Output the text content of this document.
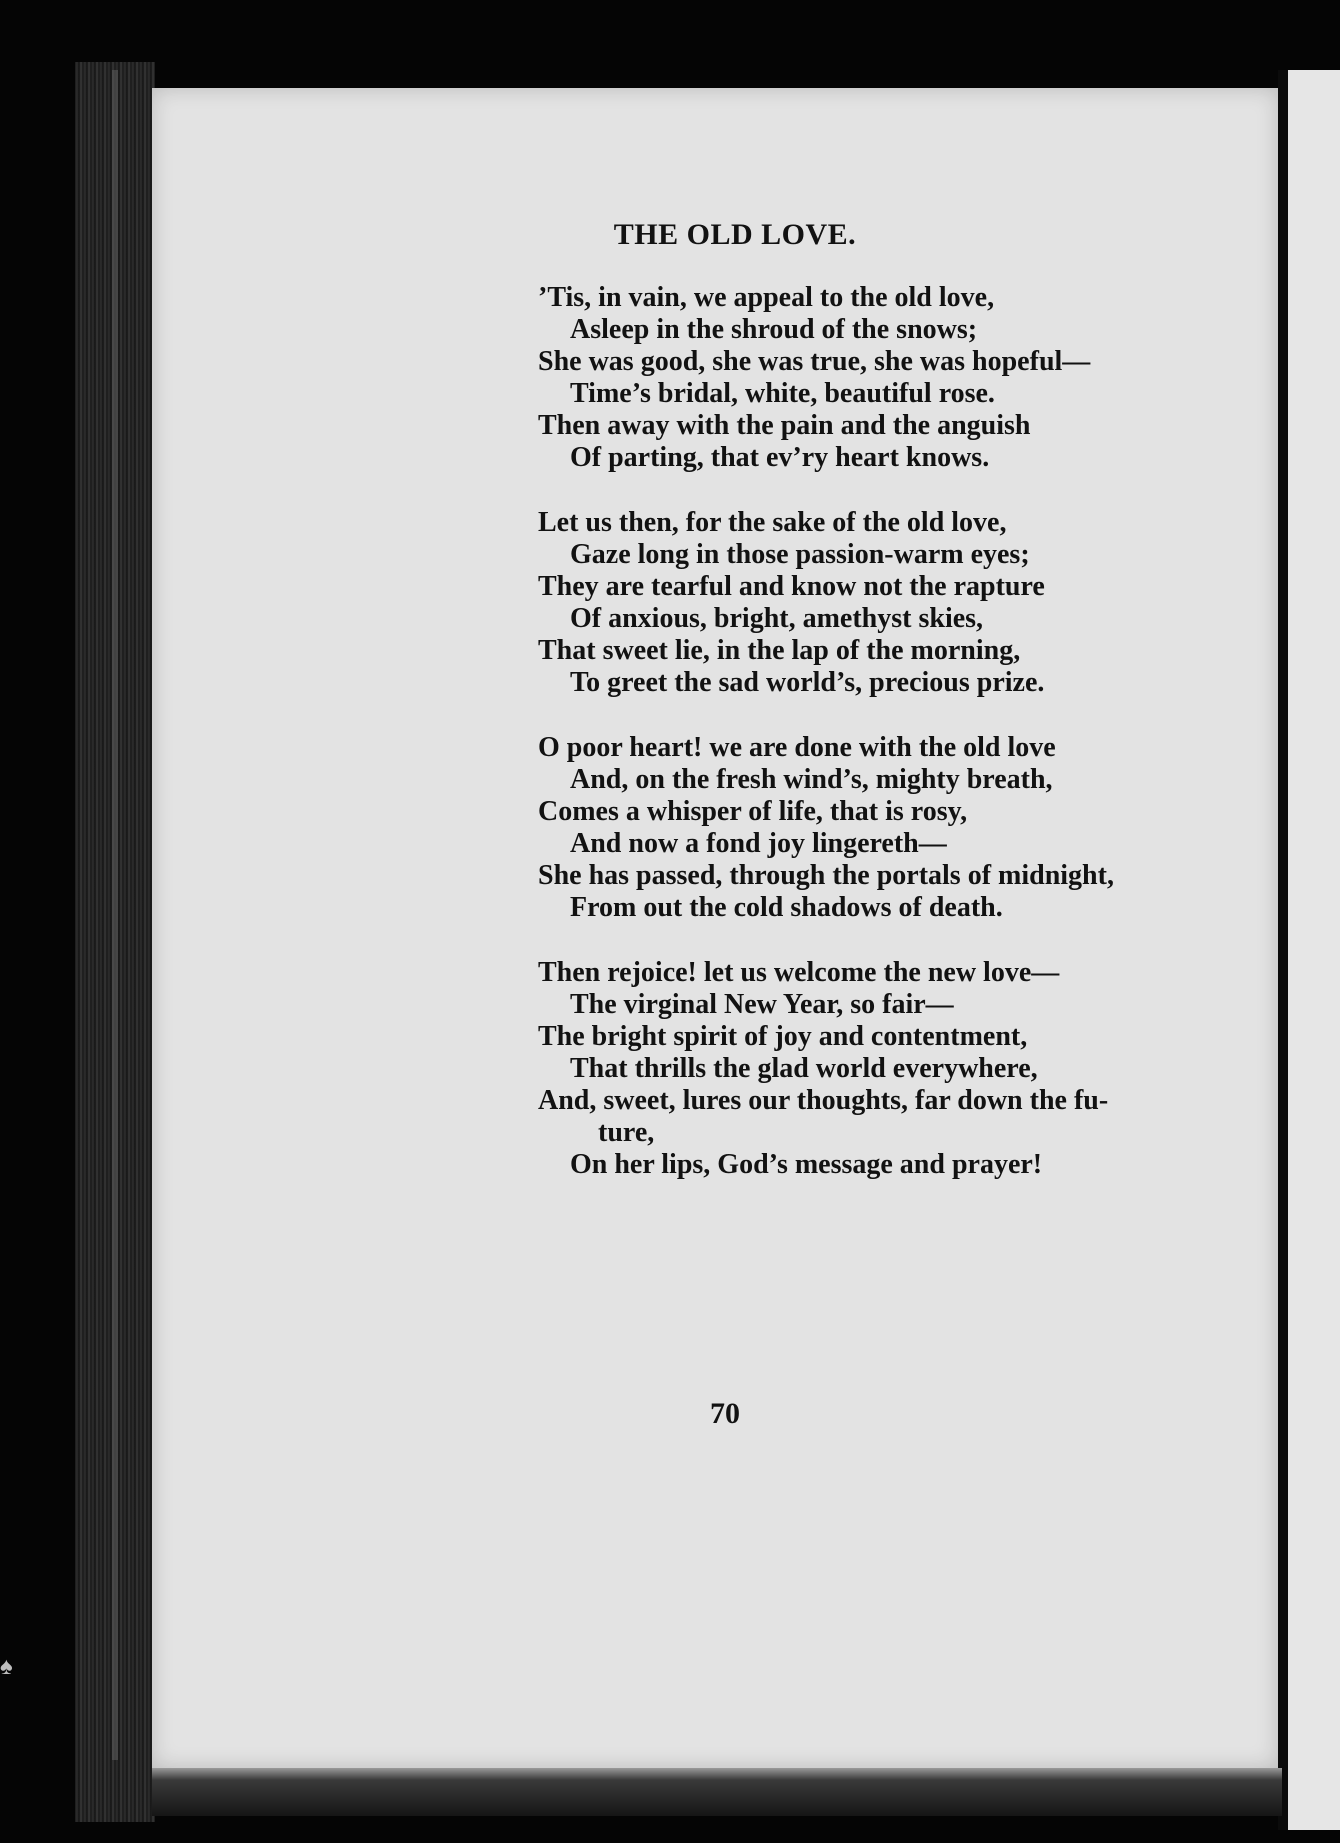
THE OLD LOVE.
’Tis, in vain, we appeal to the old love,
Asleep in the shroud of the snows;
She was good, she was true, she was hopeful—
Time’s bridal, white, beautiful rose.
Then away with the pain and the anguish
Of parting, that ev’ry heart knows.
Let us then, for the sake of the old love,
Gaze long in those passion-warm eyes;
They are tearful and know not the rapture
Of anxious, bright, amethyst skies,
That sweet lie, in the lap of the morning,
To greet the sad world’s, precious prize.
O poor heart! we are done with the old love
And, on the fresh wind’s, mighty breath,
Comes a whisper of life, that is rosy,
And now a fond joy lingereth—
She has passed, through the portals of midnight,
From out the cold shadows of death.
Then rejoice! let us welcome the new love—
The virginal New Year, so fair—
The bright spirit of joy and contentment,
That thrills the glad world everywhere,
And, sweet, lures our thoughts, far down the fu-
ture,
On her lips, God’s message and prayer!
70
♠
